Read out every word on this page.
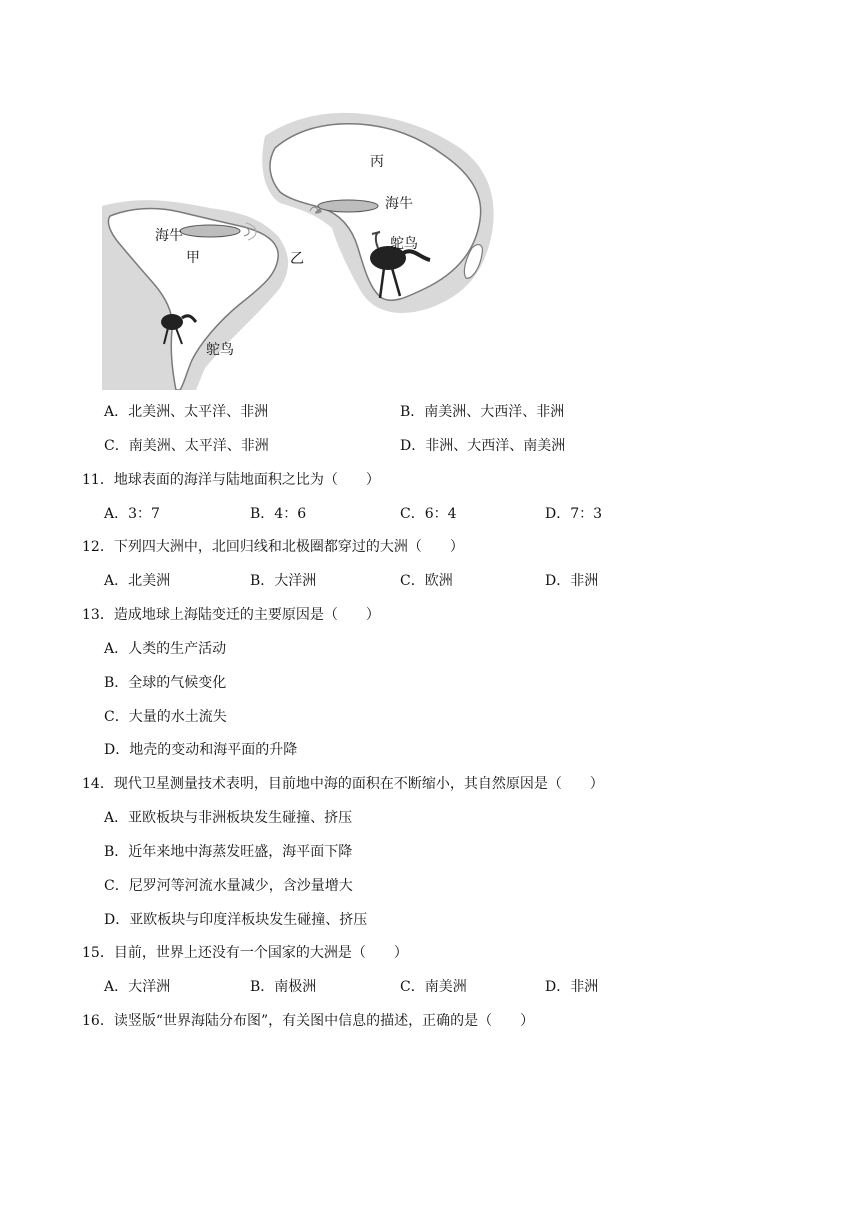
丙
海牛
鸵鸟
海牛
甲	乙
鸵鸟
A．北美洲、太平洋、非洲	B．南美洲、大西洋、非洲
C．南美洲、太平洋、非洲	D．非洲、大西洋、南美洲
11．地球表面的海洋与陆地面积之比为（　　）
A．3：7	B．4：6	C．6：4	D．7：3
12．下列四大洲中，北回归线和北极圈都穿过的大洲（　　）
A．北美洲	B．大洋洲	C．欧洲	D．非洲
13．造成地球上海陆变迁的主要原因是（　　）
A．人类的生产活动
B．全球的气候变化
C．大量的水土流失
D．地壳的变动和海平面的升降
14．现代卫星测量技术表明，目前地中海的面积在不断缩小，其自然原因是（　　）
A．亚欧板块与非洲板块发生碰撞、挤压
B．近年来地中海蒸发旺盛，海平面下降
C．尼罗河等河流水量减少，含沙量增大
D．亚欧板块与印度洋板块发生碰撞、挤压
15．目前，世界上还没有一个国家的大洲是（　　）
A．大洋洲	B．南极洲	C．南美洲	D．非洲
16．读竖版“世界海陆分布图”，有关图中信息的描述，正确的是（　　）
